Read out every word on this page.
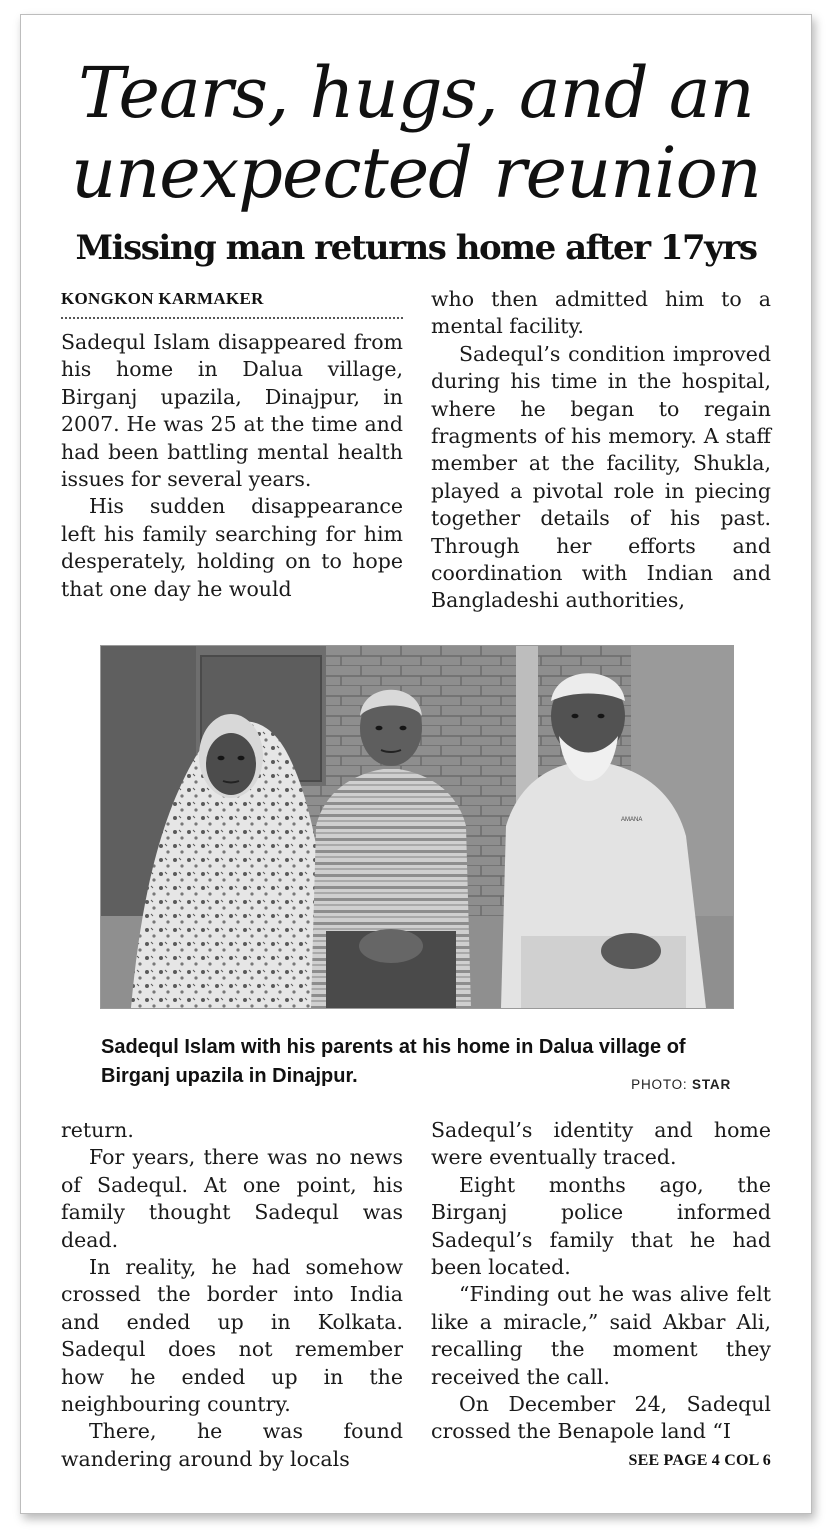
Tears, hugs, and an
unexpected reunion
Missing man returns home after 17yrs
KONGKON KARMAKER

Sadequl Islam disappeared from his home in Dalua village, Birganj upazila, Dinajpur, in 2007. He was 25 at the time and had been battling mental health issues for several years.

His sudden disappearance left his family searching for him desperately, holding on to hope that one day he would

who then admitted him to a mental facility.

Sadequl’s condition improved during his time in the hospital, where he began to regain fragments of his memory. A staff member at the facility, Shukla, played a pivotal role in piecing together details of his past. Through her efforts and coordination with Indian and Bangladeshi authorities,

AMANA
Sadequl Islam with his parents at his home in Dalua village of Birganj upazila in Dinajpur.	PHOTO: STAR

return.

For years, there was no news of Sadequl. At one point, his family thought Sadequl was dead.

In reality, he had somehow crossed the border into India and ended up in Kolkata. Sadequl does not remember how he ended up in the neighbouring country.

There, he was found wandering around by locals

Sadequl’s identity and home were eventually traced.

Eight months ago, the Birganj police informed Sadequl’s family that he had been located.

“Finding out he was alive felt like a miracle,” said Akbar Ali, recalling the moment they received the call.

On December 24, Sadequl crossed the Benapole land “I

SEE PAGE 4 COL 6
